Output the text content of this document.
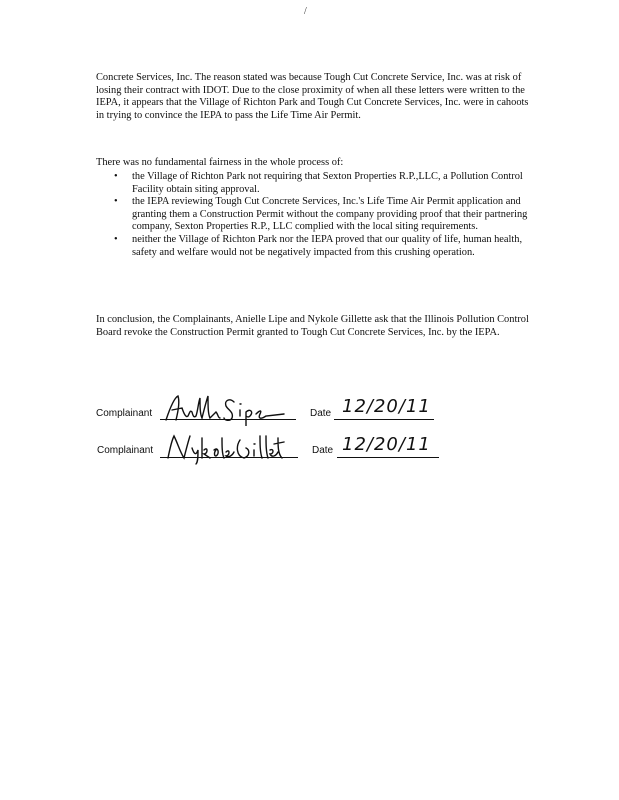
/
Concrete Services, Inc. The reason stated was because Tough Cut Concrete Service, Inc. was at risk of losing their contract with IDOT. Due to the close proximity of when all these letters were written to the IEPA, it appears that the Village of Richton Park and Tough Cut Concrete Services, Inc. were in cahoots in trying to convince the IEPA to pass the Life Time Air Permit.
There was no fundamental fairness in the whole process of:
• the Village of Richton Park not requiring that Sexton Properties R.P.,LLC, a Pollution Control Facility obtain siting approval.
• the IEPA reviewing Tough Cut Concrete Services, Inc.'s Life Time Air Permit application and granting them a Construction Permit without the company providing proof that their partnering company, Sexton Properties R.P., LLC complied with the local siting requirements.
• neither the Village of Richton Park nor the IEPA proved that our quality of life, human health, safety and welfare would not be negatively impacted from this crushing operation.
In conclusion, the Complainants, Anielle Lipe and Nykole Gillette ask that the Illinois Pollution Control Board revoke the Construction Permit granted to Tough Cut Concrete Services, Inc. by the IEPA.
Complainant	Date 12/20/11
Complainant	Date 12/20/11
